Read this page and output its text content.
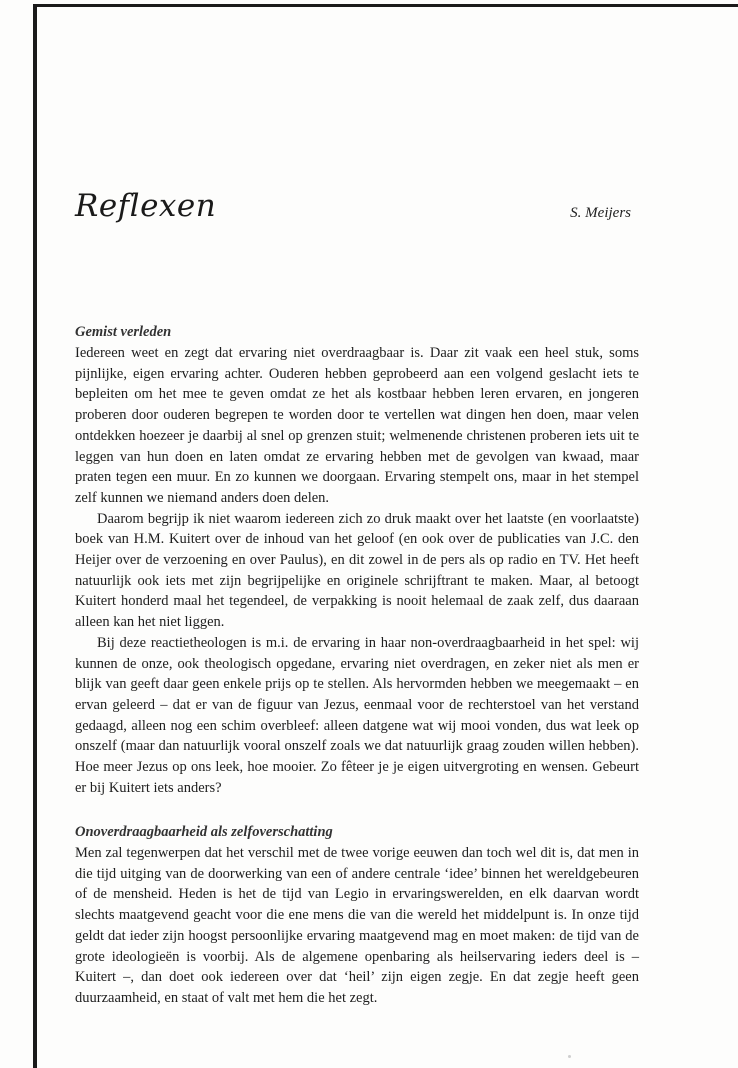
Reflexen	S. Meijers
Gemist verleden

Iedereen weet en zegt dat ervaring niet overdraagbaar is. Daar zit vaak een heel stuk, soms pijnlijke, eigen ervaring achter. Ouderen hebben geprobeerd aan een volgend geslacht iets te bepleiten om het mee te geven omdat ze het als kostbaar hebben leren ervaren, en jongeren proberen door ouderen begrepen te worden door te vertellen wat dingen hen doen, maar velen ontdekken hoezeer je daarbij al snel op grenzen stuit; welmenende christenen proberen iets uit te leggen van hun doen en laten omdat ze ervaring hebben met de gevolgen van kwaad, maar praten tegen een muur. En zo kunnen we doorgaan. Ervaring stempelt ons, maar in het stempel zelf kunnen we niemand anders doen delen.

Daarom begrijp ik niet waarom iedereen zich zo druk maakt over het laatste (en voorlaatste) boek van H.M. Kuitert over de inhoud van het geloof (en ook over de publicaties van J.C. den Heijer over de verzoening en over Paulus), en dit zowel in de pers als op radio en TV. Het heeft natuurlijk ook iets met zijn begrijpelijke en originele schrijftrant te maken. Maar, al betoogt Kuitert honderd maal het tegendeel, de verpakking is nooit helemaal de zaak zelf, dus daaraan alleen kan het niet liggen.

Bij deze reactietheologen is m.i. de ervaring in haar non-overdraagbaarheid in het spel: wij kunnen de onze, ook theologisch opgedane, ervaring niet overdragen, en zeker niet als men er blijk van geeft daar geen enkele prijs op te stellen. Als hervormden hebben we meegemaakt – en ervan geleerd – dat er van de figuur van Jezus, eenmaal voor de rechterstoel van het verstand gedaagd, alleen nog een schim overbleef: alleen datgene wat wij mooi vonden, dus wat leek op onszelf (maar dan natuurlijk vooral onszelf zoals we dat natuurlijk graag zouden willen hebben). Hoe meer Jezus op ons leek, hoe mooier. Zo fêteer je je eigen uitvergroting en wensen. Gebeurt er bij Kuitert iets anders?

Onoverdraagbaarheid als zelfoverschatting

Men zal tegenwerpen dat het verschil met de twee vorige eeuwen dan toch wel dit is, dat men in die tijd uitging van de doorwerking van een of andere centrale ‘idee’ binnen het wereldgebeuren of de mensheid. Heden is het de tijd van Legio in ervaringswerelden, en elk daarvan wordt slechts maatgevend geacht voor die ene mens die van die wereld het middelpunt is. In onze tijd geldt dat ieder zijn hoogst persoonlijke ervaring maatgevend mag en moet maken: de tijd van de grote ideologieën is voorbij. Als de algemene openbaring als heilservaring ieders deel is – Kuitert –, dan doet ook iedereen over dat ‘heil’ zijn eigen zegje. En dat zegje heeft geen duurzaamheid, en staat of valt met hem die het zegt.
